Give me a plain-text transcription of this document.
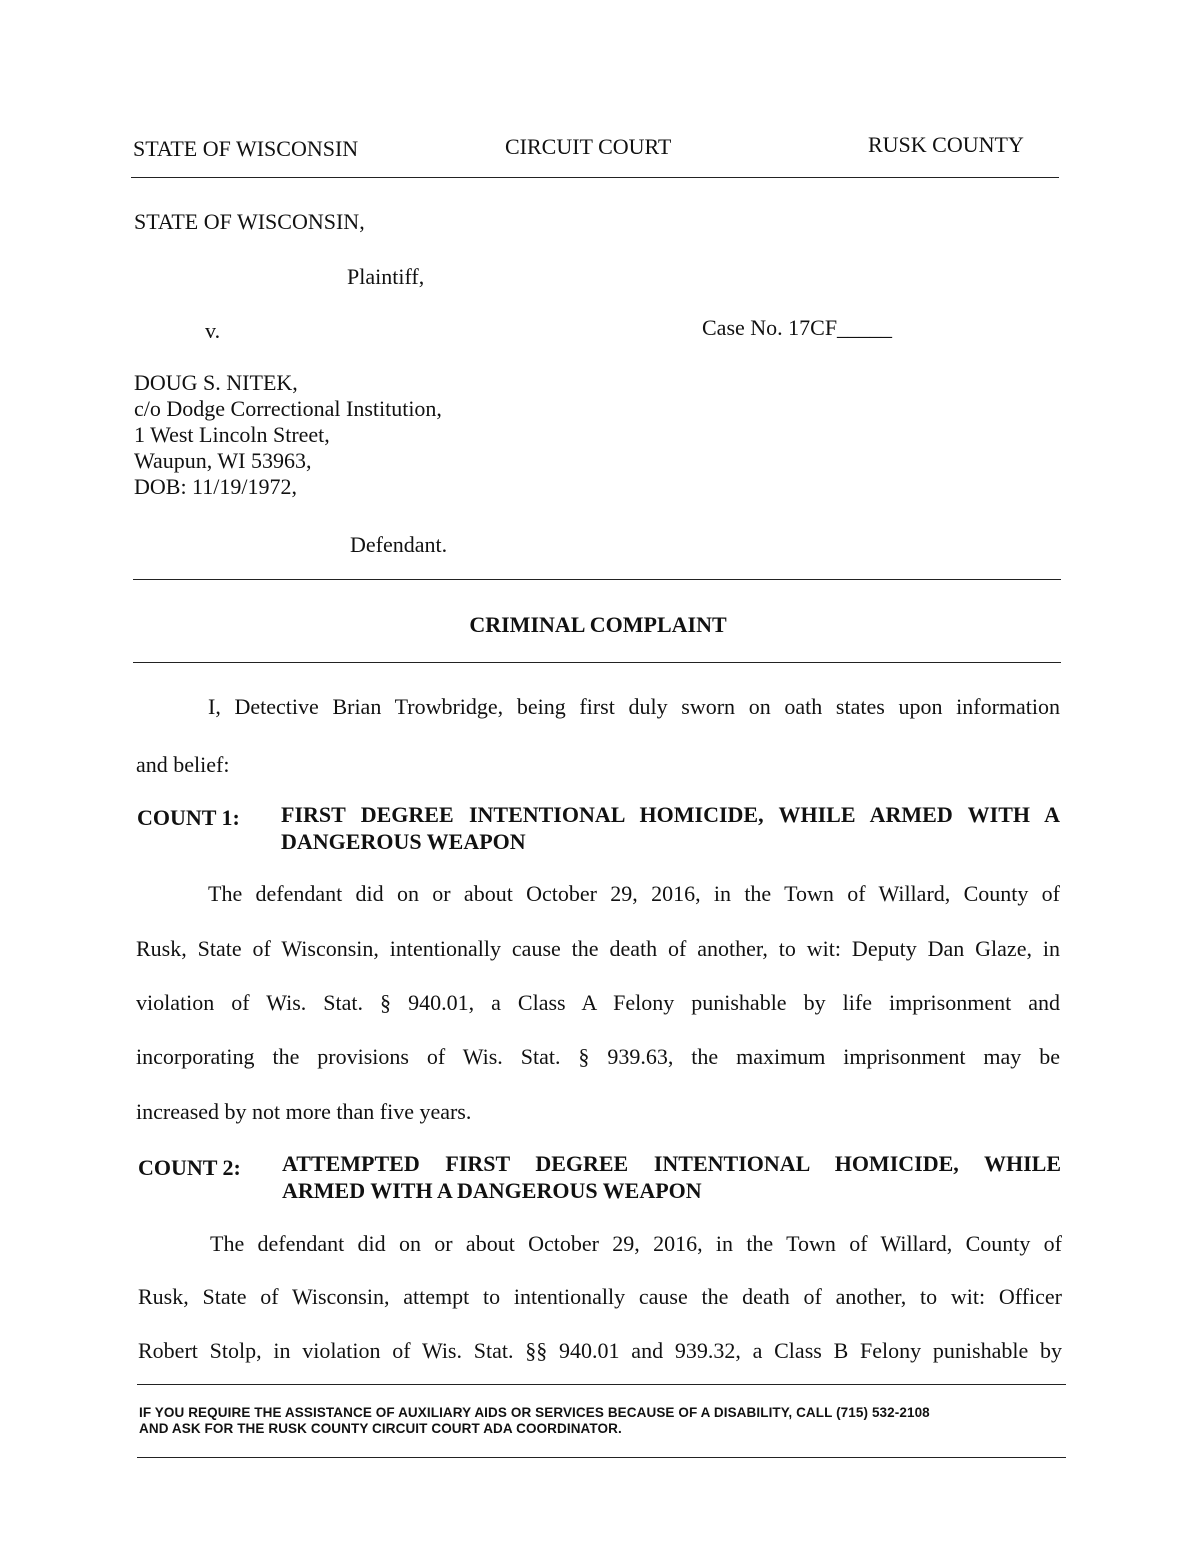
STATE OF WISCONSIN	CIRCUIT COURT	RUSK COUNTY
STATE OF WISCONSIN,
Plaintiff,
v.	Case No. 17CF_____
DOUG S. NITEK,
c/o Dodge Correctional Institution,
1 West Lincoln Street,
Waupun, WI 53963,
DOB: 11/19/1972,
Defendant.
CRIMINAL COMPLAINT
I, Detective Brian Trowbridge, being first duly sworn on oath states upon information
and belief:
COUNT 1: FIRST DEGREE INTENTIONAL HOMICIDE, WHILE ARMED WITH A
DANGEROUS WEAPON
The defendant did on or about October 29, 2016, in the Town of Willard, County of
Rusk, State of Wisconsin, intentionally cause the death of another, to wit: Deputy Dan Glaze, in
violation of Wis. Stat. § 940.01, a Class A Felony punishable by life imprisonment and
incorporating the provisions of Wis. Stat. § 939.63, the maximum imprisonment may be
increased by not more than five years.
COUNT 2: ATTEMPTED FIRST DEGREE INTENTIONAL HOMICIDE, WHILE
ARMED WITH A DANGEROUS WEAPON
The defendant did on or about October 29, 2016, in the Town of Willard, County of
Rusk, State of Wisconsin, attempt to intentionally cause the death of another, to wit: Officer
Robert Stolp, in violation of Wis. Stat. §§ 940.01 and 939.32, a Class B Felony punishable by
IF YOU REQUIRE THE ASSISTANCE OF AUXILIARY AIDS OR SERVICES BECAUSE OF A DISABILITY, CALL (715) 532-2108
AND ASK FOR THE RUSK COUNTY CIRCUIT COURT ADA COORDINATOR.
